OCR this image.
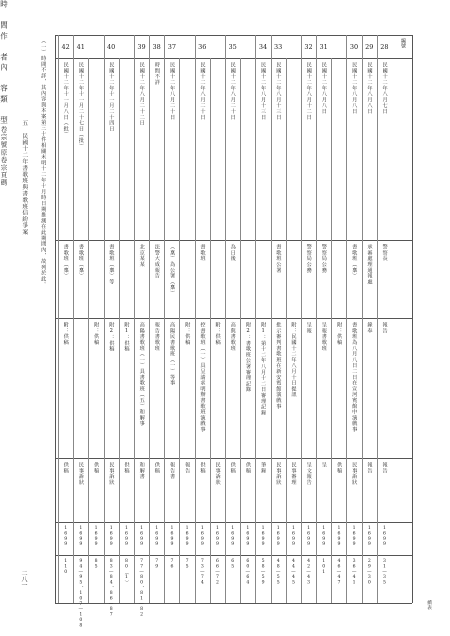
編號
時　間
作　者
內　容
類　型
卷宗號
原卷宗頁碼
28
民國十二年八月七日
警察長
報告
報告
1699
31—35
29
民國十二年八月八日
承審處理通報處
錄奉
報告
1699
29—30
30
民國十二年八月八日
書歌班（稟）
書歌班為八月八日二日在宣河賓館中演戲事
民事訴狀
1699
36—41
附：供稿
供稿
1699
46—47
31
民國十二年八月八日
警察局公務
呈報書歌班
呈
1699
101
32
民國十二年八月十二日
警察局公務
呈報
呈文報告
1699
42—43
附：民國十二年八月十日提訊
民事審理
1699
44—45
33
民國十二年八月十三日
書歌班公署
批示審判書歌班在新安賓館演戲事
民事訴狀
1699
48—55
34
民國十二年八月十三日
附1：第十二年八月十二日審理記錄
筆錄
1699
58—59
附2：書歌班公署審理記錄
供稿
1699
60—64
35
民國十二年八月二十日
為日後
高與書歌班
供稿
1699
65
附：供稿
民事訴狀
1699
66—72
36
民國十二年八月二十日
書歌班
控書歌班（一）具呈請求明辦書歌班演戲事
供稿
1699
73—74
附：供稿
報告
1699
75
37
民國十二年八月二十日
（稟）為公署（稟）
高陽民書歌班（一）等事
報告書
1699
76
38
時間不詳
法警大成報告
報告書歌班
供稿
1699
79
39
民國十二年八月二十二日
北京某某
高陽書歌班（一）具書歌班（五）和解事
和解書
1699
77—80、81—82
附1：供稿
供稿
1699
80（1）
40
民國十二年十一月二十四日
書歌班（稟）等
附2：供稿
民事訴狀
1699
83—84、86—87
附：供稿
供稿
1699
85
41
民國十二年十一月二十七日（批）
書歌班（稟）
民事訴狀
1699
94—95、107—108
42
民國十二年十一月八日（批）
書歌班（稟）
附：供稿
供稿
1699
110
（一）時間不詳，其內容與本案第三十件相關未明十二年十月時日期推測在此期間內，故列於此。
五　民國十二年書歌班與書歌班信紛爭案
二八一
續表
